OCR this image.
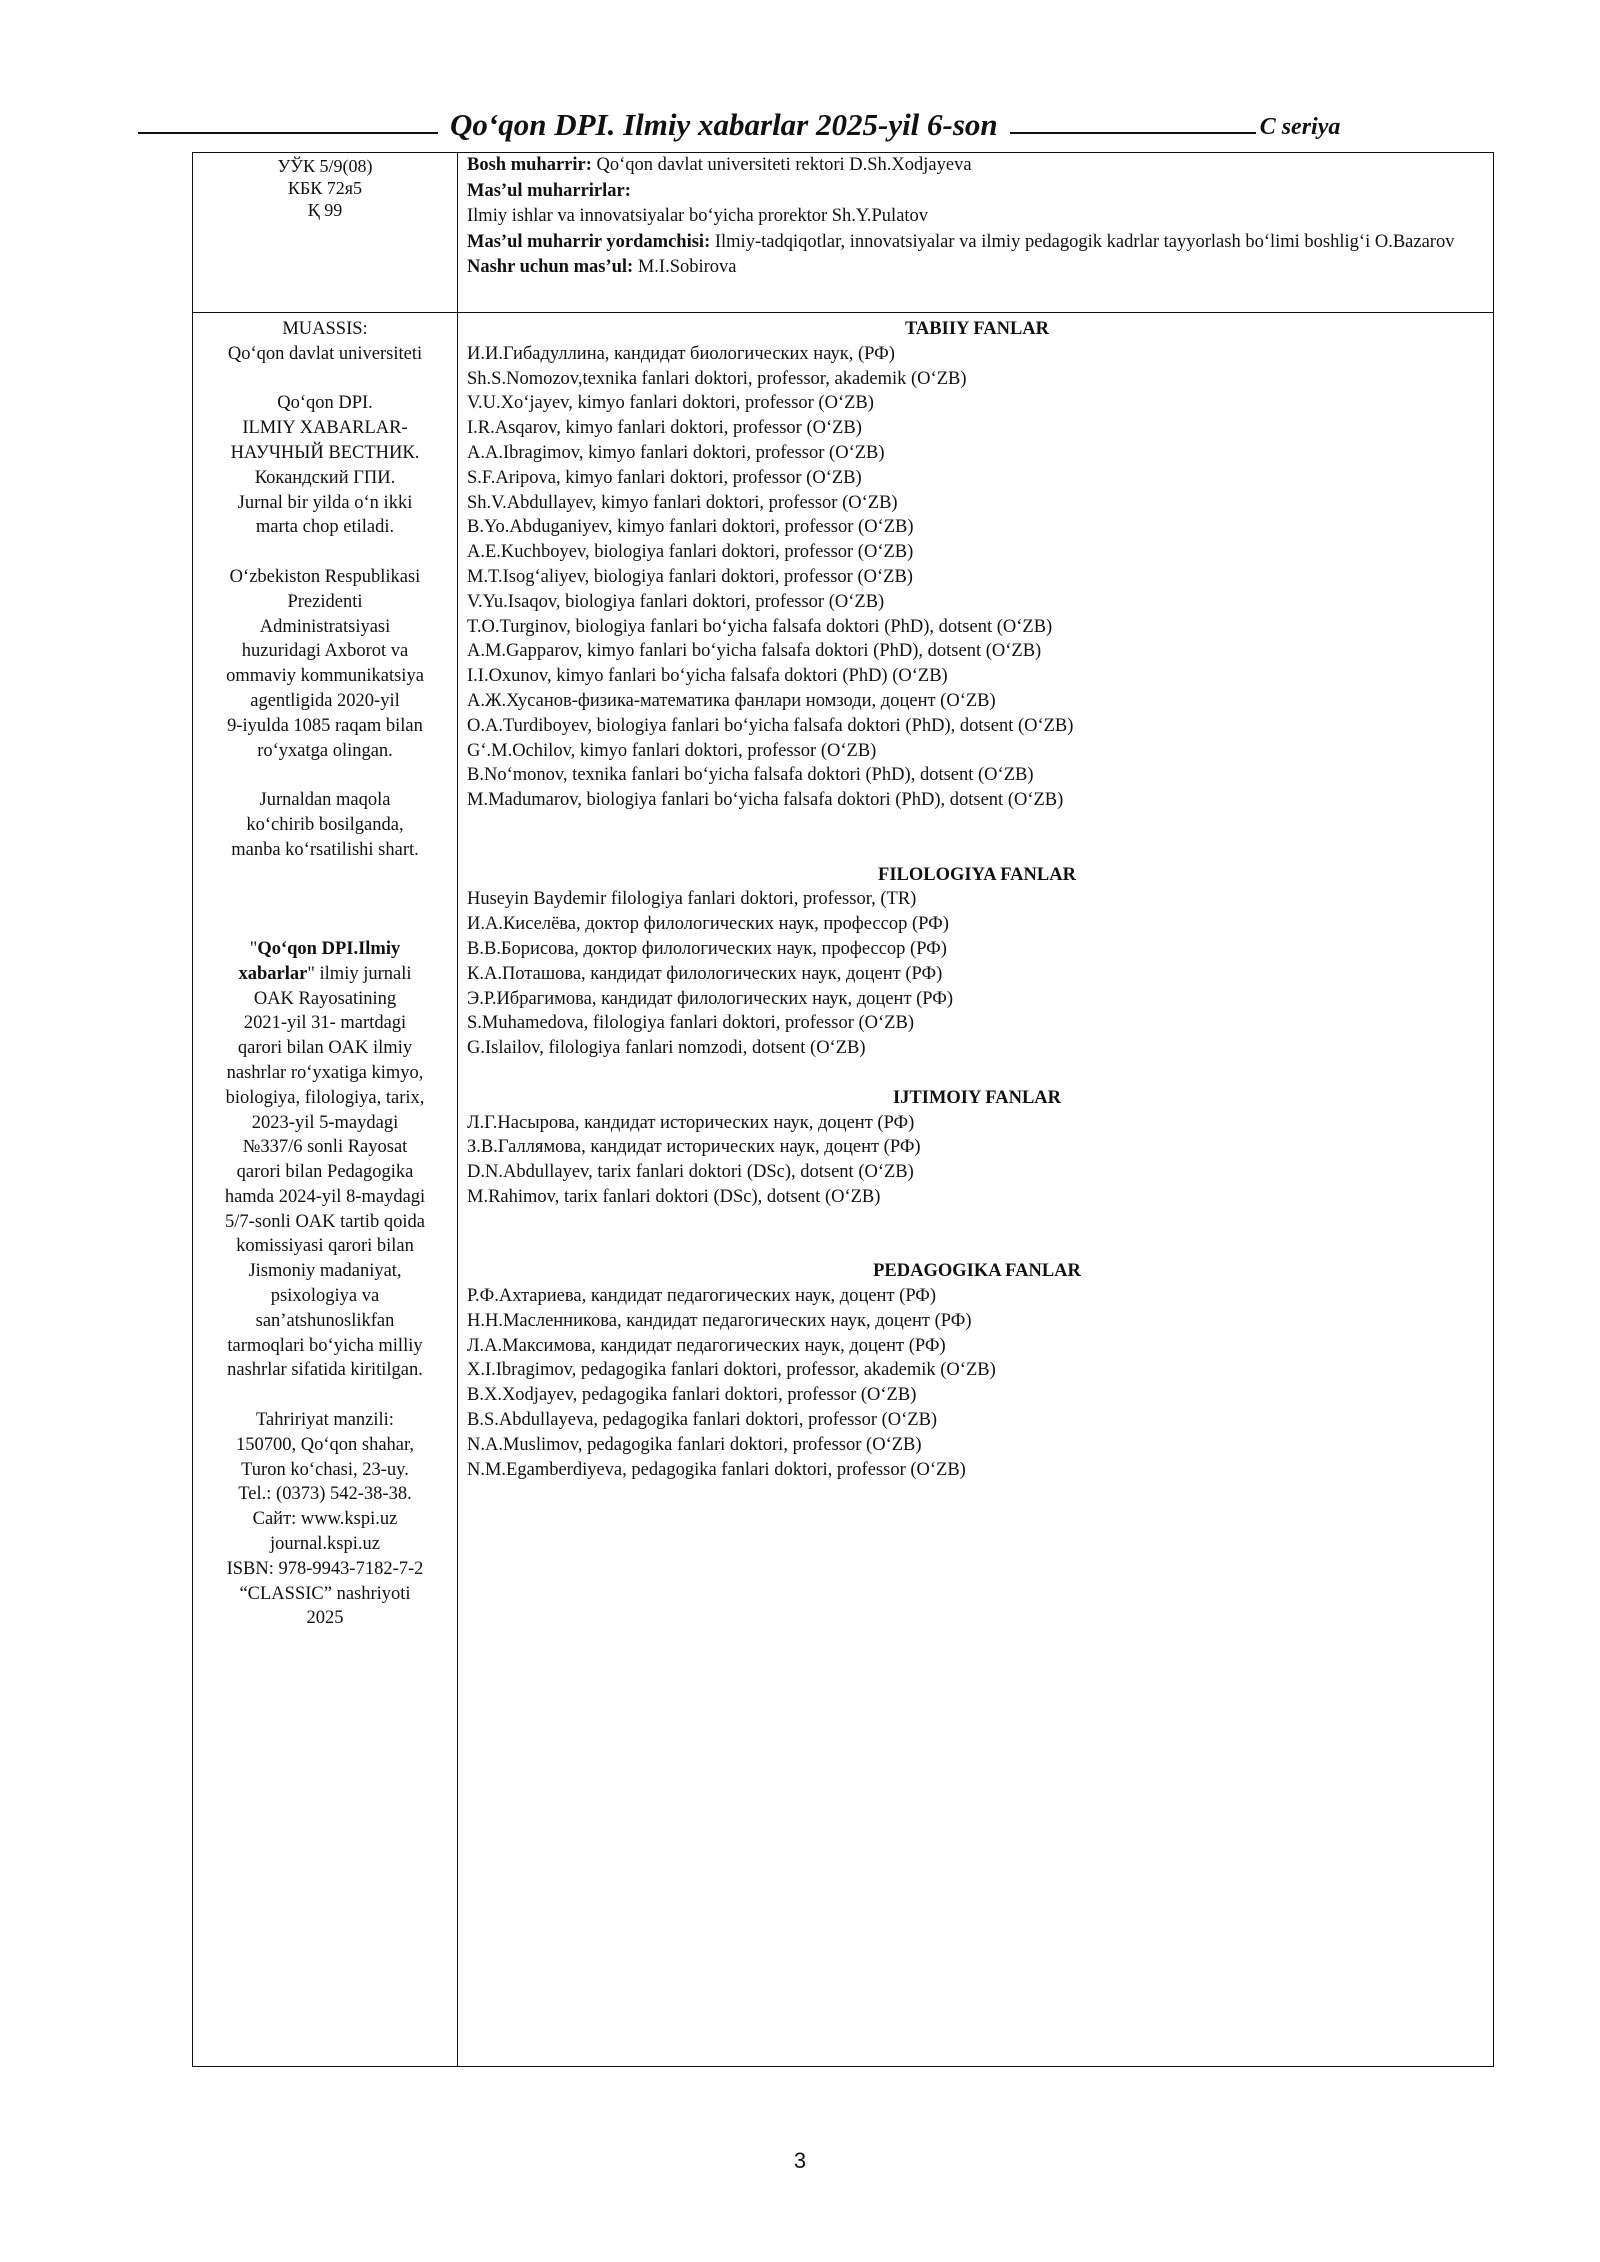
Qo‘qon DPI. Ilmiy xabarlar 2025-yil 6-son	C seriya
УЎК 5/9(08)
КБК 72я5
Қ 99
Bosh muharrir: Qo‘qon davlat universiteti rektori D.Sh.Xodjayeva
Mas’ul muharrirlar:
Ilmiy ishlar va innovatsiyalar bo‘yicha prorektor Sh.Y.Pulatov
Mas’ul muharrir yordamchisi: Ilmiy-tadqiqotlar, innovatsiyalar va ilmiy pedagogik kadrlar tayyorlash bo‘limi boshlig‘i O.Bazarov
Nashr uchun mas’ul: M.I.Sobirova

MUASSIS:

Qo‘qon davlat universiteti

Qo‘qon DPI.

ILMIY XABARLAR-

НАУЧНЫЙ ВЕСТНИК.

Кокандский ГПИ.

Jurnal bir yilda o‘n ikki

marta chop etiladi.

O‘zbekiston Respublikasi

Prezidenti

Administratsiyasi

huzuridagi Axborot va

ommaviy kommunikatsiya

agentligida 2020-yil

9-iyulda 1085 raqam bilan

ro‘yxatga olingan.

Jurnaldan maqola

ko‘chirib bosilganda,

manba ko‘rsatilishi shart.

"Qo‘qon DPI.Ilmiy

xabarlar" ilmiy jurnali

OAK Rayosatining

2021-yil 31- martdagi

qarori bilan OAK ilmiy

nashrlar ro‘yxatiga kimyo,

biologiya, filologiya, tarix,

2023-yil 5-maydagi

№337/6 sonli Rayosat

qarori bilan Pedagogika

hamda 2024-yil 8-maydagi

5/7-sonli OAK tartib qoida

komissiyasi qarori bilan

Jismoniy madaniyat,

psixologiya va

san’atshunoslikfan

tarmoqlari bo‘yicha milliy

nashrlar sifatida kiritilgan.

Tahririyat manzili:

150700, Qo‘qon shahar,

Turon ko‘chasi, 23-uy.

Tel.: (0373) 542-38-38.

Сайт: www.kspi.uz

journal.kspi.uz

ISBN: 978-9943-7182-7-2

“CLASSIC” nashriyoti

2025

TABIIY FANLAR
И.И.Гибадуллина, кандидат биологических наук, (РФ)
Sh.S.Nomozov,texnika fanlari doktori, professor, akademik (O‘ZB)
V.U.Xo‘jayev, kimyo fanlari doktori, professor (O‘ZB)
I.R.Asqarov, kimyo fanlari doktori, professor (O‘ZB)
A.A.Ibragimov, kimyo fanlari doktori, professor (O‘ZB)
S.F.Aripova, kimyo fanlari doktori, professor (O‘ZB)
Sh.V.Abdullayev, kimyo fanlari doktori, professor (O‘ZB)
B.Yo.Abduganiyev, kimyo fanlari doktori, professor (O‘ZB)
A.E.Kuchboyev, biologiya fanlari doktori, professor (O‘ZB)
M.T.Isog‘aliyev, biologiya fanlari doktori, professor (O‘ZB)
V.Yu.Isaqov, biologiya fanlari doktori, professor (O‘ZB)
T.O.Turginov, biologiya fanlari bo‘yicha falsafa doktori (PhD), dotsent (O‘ZB)
A.M.Gapparov, kimyo fanlari bo‘yicha falsafa doktori (PhD), dotsent (O‘ZB)
I.I.Oxunov, kimyo fanlari bo‘yicha falsafa doktori (PhD) (O‘ZB)
А.Ж.Хусанов-физика-математика фанлари номзоди, доцент (O‘ZB)
O.A.Turdiboyev, biologiya fanlari bo‘yicha falsafa doktori (PhD), dotsent (O‘ZB)
G‘.M.Ochilov, kimyo fanlari doktori, professor (O‘ZB)
B.No‘monov, texnika fanlari bo‘yicha falsafa doktori (PhD), dotsent (O‘ZB)
M.Madumarov, biologiya fanlari bo‘yicha falsafa doktori (PhD), dotsent (O‘ZB)
FILOLOGIYA FANLAR
Huseyin Baydemir filologiya fanlari doktori, professor, (TR)
И.А.Киселёва, доктор филологических наук, профессор (РФ)
В.В.Борисова, доктор филологических наук, профессор (РФ)
К.А.Поташова, кандидат филологических наук, доцент (РФ)
Э.Р.Ибрагимова, кандидат филологических наук, доцент (РФ)
S.Muhamedova, filologiya fanlari doktori, professor (O‘ZB)
G.Islailov, filologiya fanlari nomzodi, dotsent (O‘ZB)
IJTIMOIY FANLAR
Л.Г.Насырова, кандидат исторических наук, доцент (РФ)
З.В.Галлямова, кандидат исторических наук, доцент (РФ)
D.N.Abdullayev, tarix fanlari doktori (DSc), dotsent (O‘ZB)
M.Rahimov, tarix fanlari doktori (DSc), dotsent (O‘ZB)
PEDAGOGIKA FANLAR
Р.Ф.Ахтариева, кандидат педагогических наук, доцент (РФ)
Н.Н.Масленникова, кандидат педагогических наук, доцент (РФ)
Л.А.Максимова, кандидат педагогических наук, доцент (РФ)
X.I.Ibragimov, pedagogika fanlari doktori, professor, akademik (O‘ZB)
B.X.Xodjayev, pedagogika fanlari doktori, professor (O‘ZB)
B.S.Abdullayeva, pedagogika fanlari doktori, professor (O‘ZB)
N.A.Muslimov, pedagogika fanlari doktori, professor (O‘ZB)
N.M.Egamberdiyeva, pedagogika fanlari doktori, professor (O‘ZB)
3
